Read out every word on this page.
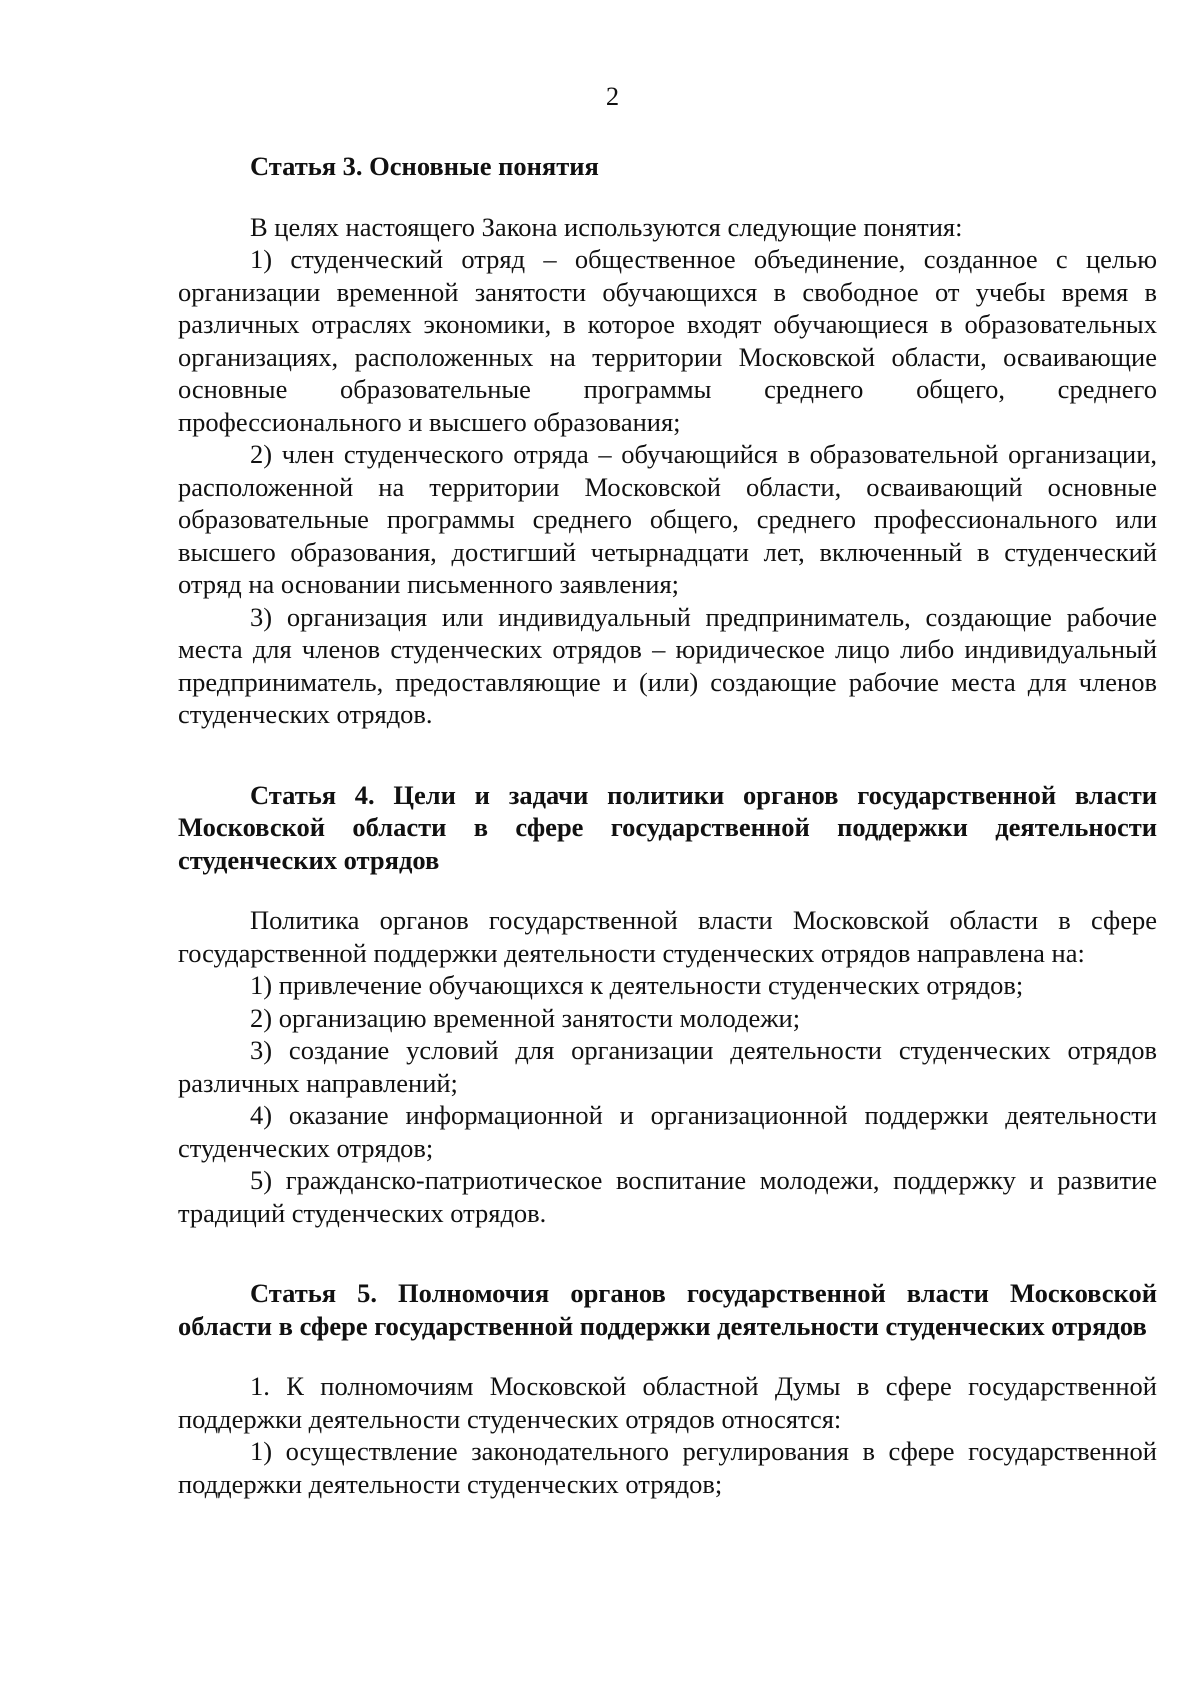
2
Статья 3. Основные понятия

В целях настоящего Закона используются следующие понятия:

1) студенческий отряд – общественное объединение, созданное с целью организации временной занятости обучающихся в свободное от учебы время в различных отраслях экономики, в которое входят обучающиеся в образовательных организациях, расположенных на территории Московской области, осваивающие основные образовательные программы среднего общего, среднего профессионального и высшего образования;

2) член студенческого отряда – обучающийся в образовательной организации, расположенной на территории Московской области, осваивающий основные образовательные программы среднего общего, среднего профессионального или высшего образования, достигший четырнадцати лет, включенный в студенческий отряд на основании письменного заявления;

3) организация или индивидуальный предприниматель, создающие рабочие места для членов студенческих отрядов – юридическое лицо либо индивидуальный предприниматель, предоставляющие и (или) создающие рабочие места для членов студенческих отрядов.

Статья 4. Цели и задачи политики органов государственной власти Московской области в сфере государственной поддержки деятельности студенческих отрядов

Политика органов государственной власти Московской области в сфере государственной поддержки деятельности студенческих отрядов направлена на:

1) привлечение обучающихся к деятельности студенческих отрядов;

2) организацию временной занятости молодежи;

3) создание условий для организации деятельности студенческих отрядов различных направлений;

4) оказание информационной и организационной поддержки деятельности студенческих отрядов;

5) гражданско-патриотическое воспитание молодежи, поддержку и развитие традиций студенческих отрядов.

Статья 5. Полномочия органов государственной власти Московской области в сфере государственной поддержки деятельности студенческих отрядов

1. К полномочиям Московской областной Думы в сфере государственной поддержки деятельности студенческих отрядов относятся:

1) осуществление законодательного регулирования в сфере государственной поддержки деятельности студенческих отрядов;
